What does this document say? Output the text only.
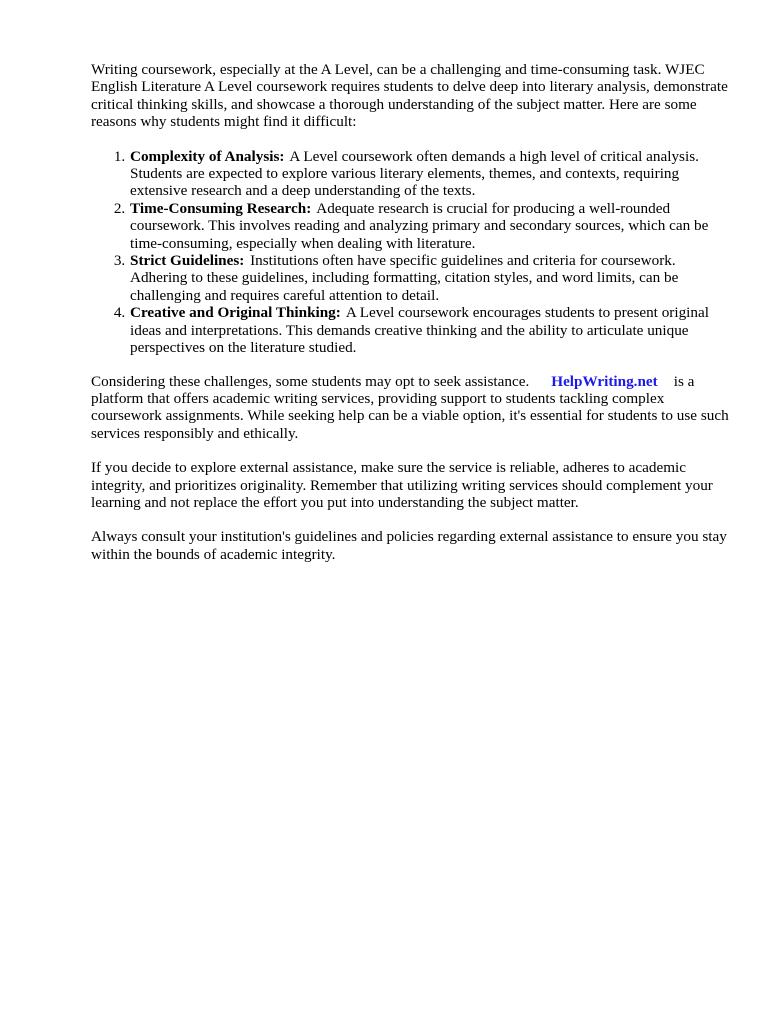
Writing coursework, especially at the A Level, can be a challenging and time-consuming task. WJEC English Literature A Level coursework requires students to delve deep into literary analysis, demonstrate critical thinking skills, and showcase a thorough understanding of the subject matter. Here are some reasons why students might find it difficult:

1. Complexity of Analysis: A Level coursework often demands a high level of critical analysis. Students are expected to explore various literary elements, themes, and contexts, requiring extensive research and a deep understanding of the texts.
2. Time-Consuming Research: Adequate research is crucial for producing a well-rounded coursework. This involves reading and analyzing primary and secondary sources, which can be time-consuming, especially when dealing with literature.
3. Strict Guidelines: Institutions often have specific guidelines and criteria for coursework. Adhering to these guidelines, including formatting, citation styles, and word limits, can be challenging and requires careful attention to detail.
4. Creative and Original Thinking: A Level coursework encourages students to present original ideas and interpretations. This demands creative thinking and the ability to articulate unique perspectives on the literature studied.

Considering these challenges, some students may opt to seek assistance. HelpWriting.net is a platform that offers academic writing services, providing support to students tackling complex coursework assignments. While seeking help can be a viable option, it's essential for students to use such services responsibly and ethically.

If you decide to explore external assistance, make sure the service is reliable, adheres to academic integrity, and prioritizes originality. Remember that utilizing writing services should complement your learning and not replace the effort you put into understanding the subject matter.

Always consult your institution's guidelines and policies regarding external assistance to ensure you stay within the bounds of academic integrity.
